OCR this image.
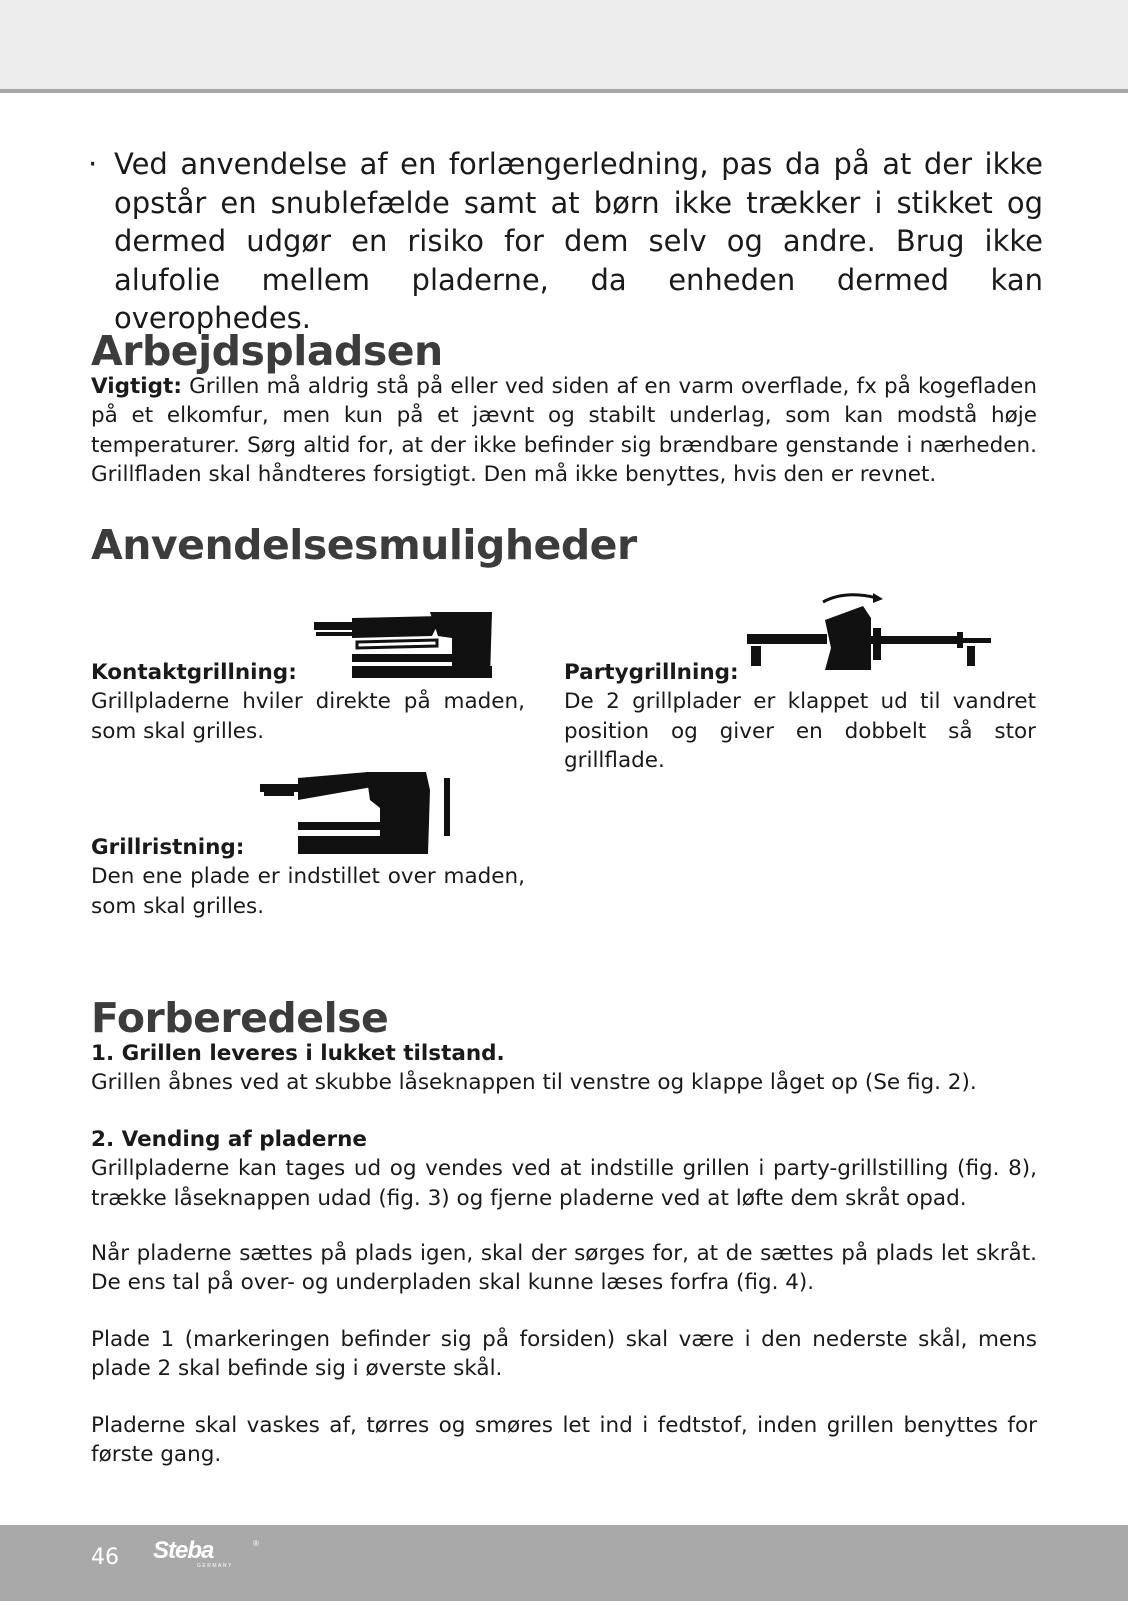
· Ved anvendelse af en forlængerledning, pas da på at der ikke opstår en snublefælde samt at børn ikke trækker i stikket og dermed udgør en risiko for dem selv og andre. Brug ikke alufolie mellem pladerne, da enheden dermed kan overophedes.
Arbejdspladsen

Vigtigt: Grillen må aldrig stå på eller ved siden af en varm overflade, fx på kogefladen på et elkomfur, men kun på et jævnt og stabilt underlag, som kan modstå høje temperaturer. Sørg altid for, at der ikke befinder sig brændbare genstande i nærheden. Grillfladen skal håndteres forsigtigt. Den må ikke benyttes, hvis den er revnet.

Anvendelsesmuligheder
Kontaktgrillning:
Grillpladerne hviler direkte på maden, som skal grilles.
Partygrillning:
De 2 grillplader er klappet ud til vandret position og giver en dobbelt så stor grillflade.
Grillristning:
Den ene plade er indstillet over maden, som skal grilles.
Forberedelse
1. Grillen leveres i lukket tilstand.
Grillen åbnes ved at skubbe låseknappen til venstre og klappe låget op (Se fig. 2).
2. Vending af pladerne
Grillpladerne kan tages ud og vendes ved at indstille grillen i party-grillstilling (fig. 8), trække låseknappen udad (fig. 3) og fjerne pladerne ved at løfte dem skråt opad.

Når pladerne sættes på plads igen, skal der sørges for, at de sættes på plads let skråt. De ens tal på over- og underpladen skal kunne læses forfra (fig. 4).

Plade 1 (markeringen befinder sig på forsiden) skal være i den nederste skål, mens plade 2 skal befinde sig i øverste skål.

Pladerne skal vaskes af, tørres og smøres let ind i fedtstof, inden grillen benyttes for første gang.

46 Steba	®
GERMANY
